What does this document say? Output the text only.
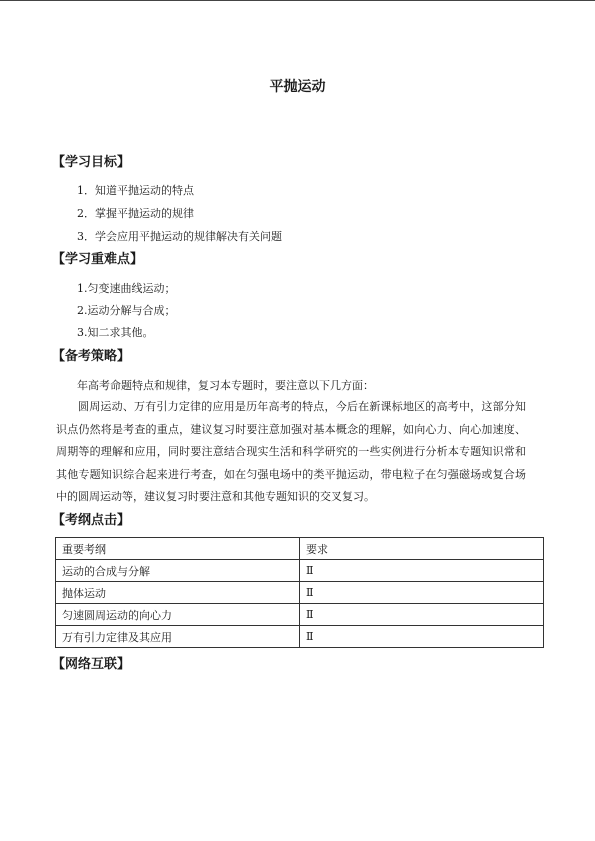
平抛运动
【学习目标】
1．知道平抛运动的特点
2．掌握平抛运动的规律
3．学会应用平抛运动的规律解决有关问题
【学习重难点】
1.匀变速曲线运动；
2.运动分解与合成；
3.知二求其他。
【备考策略】
年高考命题特点和规律，复习本专题时，要注意以下几方面：
圆周运动、万有引力定律的应用是历年高考的特点，今后在新课标地区的高考中，这部分知识点仍然将是考查的重点，建议复习时要注意加强对基本概念的理解，如向心力、向心加速度、周期等的理解和应用，同时要注意结合现实生活和科学研究的一些实例进行分析本专题知识常和其他专题知识综合起来进行考查，如在匀强电场中的类平抛运动，带电粒子在匀强磁场或复合场中的圆周运动等，建议复习时要注意和其他专题知识的交叉复习。
【考纲点击】
重要考纲	要求
运动的合成与分解	Ⅱ
抛体运动	Ⅱ
匀速圆周运动的向心力	Ⅱ
万有引力定律及其应用	Ⅱ
【网络互联】
